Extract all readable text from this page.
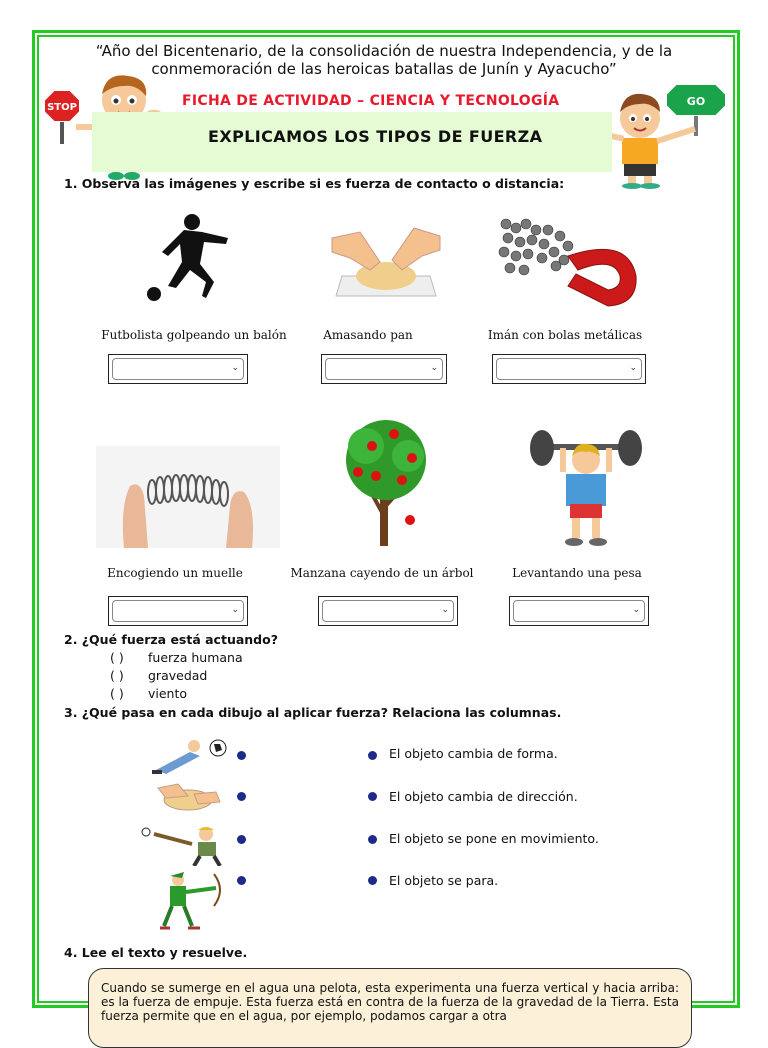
“Año del Bicentenario, de la consolidación de nuestra Independencia, y de la conmemoración de las heroicas batallas de Junín y Ayacucho”
STOP	GO
FICHA DE ACTIVIDAD – CIENCIA Y TECNOLOGÍA
EXPLICAMOS LOS TIPOS DE FUERZA
1. Observa las imágenes y escribe si es fuerza de contacto o distancia:
Futbolista golpeando un balón	Amasando pan	Imán con bolas metálicas
⌄	⌄	⌄
Encogiendo un muelle	Manzana cayendo de un árbol	Levantando una pesa
⌄	⌄	⌄
2. ¿Qué fuerza está actuando?
( ) fuerza humana
( ) gravedad
( ) viento
3. ¿Qué pasa en cada dibujo al aplicar fuerza? Relaciona las columnas.
El objeto cambia de forma.
El objeto cambia de dirección.
El objeto se pone en movimiento.
El objeto se para.
4. Lee el texto y resuelve.
Cuando se sumerge en el agua una pelota, esta experimenta una fuerza vertical y hacia arriba: es la fuerza de empuje. Esta fuerza está en contra de la fuerza de la gravedad de la Tierra. Esta fuerza permite que en el agua, por ejemplo, podamos cargar a otra
